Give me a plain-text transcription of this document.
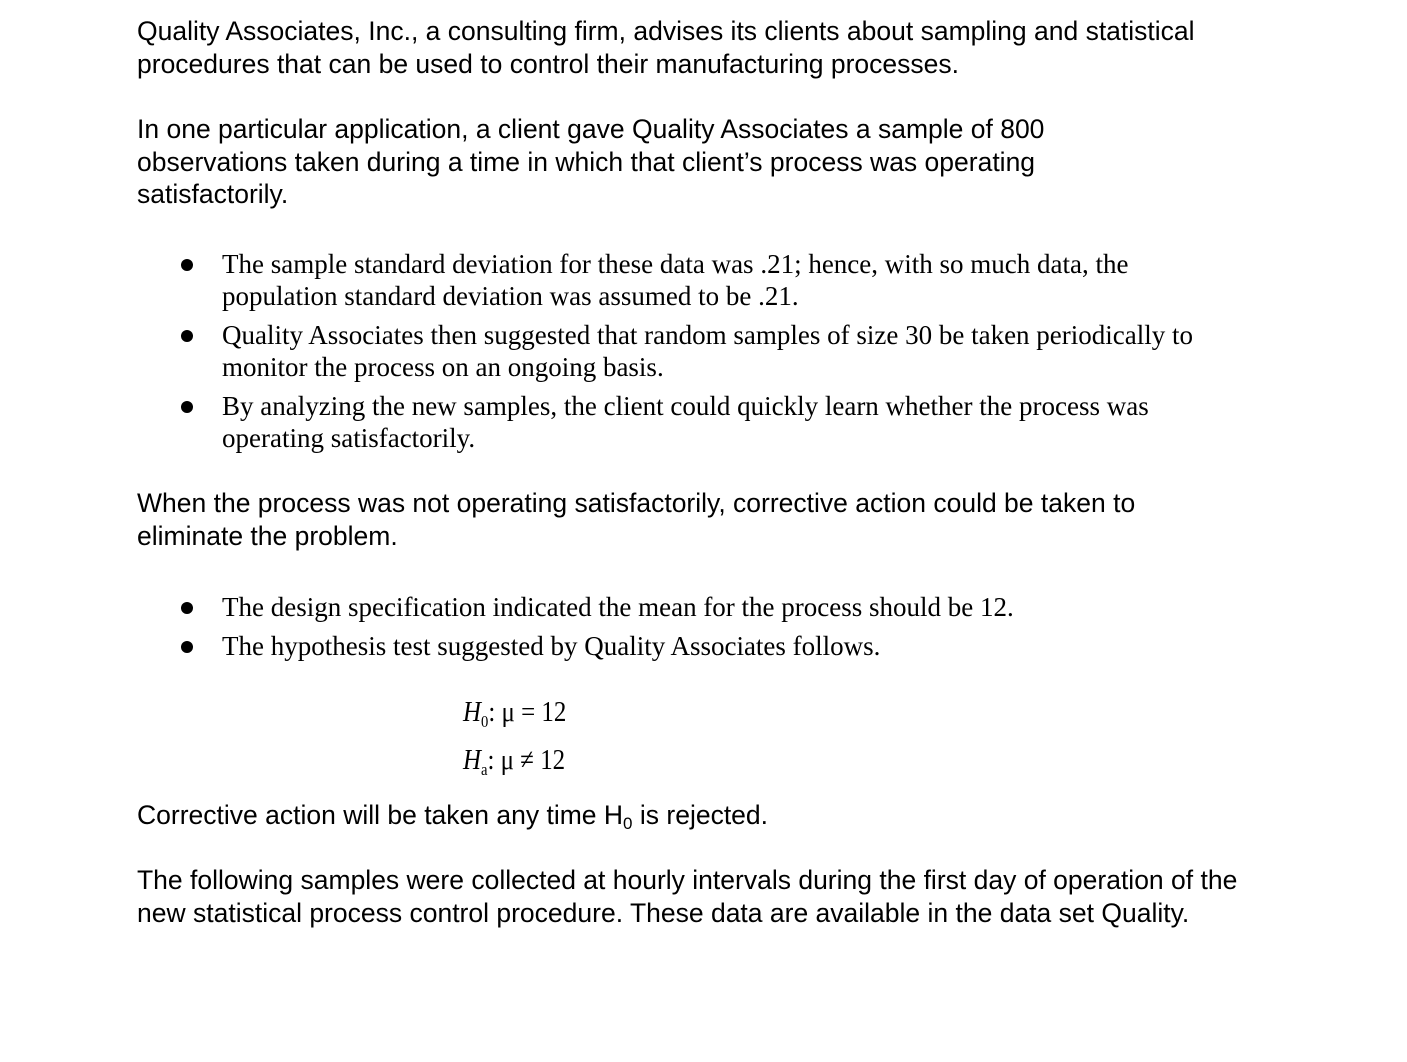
Quality Associates, Inc., a consulting firm, advises its clients about sampling and statistical procedures that can be used to control their manufacturing processes.

In one particular application, a client gave Quality Associates a sample of 800 observations taken during a time in which that client’s process was operating satisfactorily.

The sample standard deviation for these data was .21; hence, with so much data, the population standard deviation was assumed to be .21.
Quality Associates then suggested that random samples of size 30 be taken periodically to monitor the process on an ongoing basis.
By analyzing the new samples, the client could quickly learn whether the process was operating satisfactorily.

When the process was not operating satisfactorily, corrective action could be taken to eliminate the problem.

The design specification indicated the mean for the process should be 12.
The hypothesis test suggested by Quality Associates follows.
$H_0$: μ = 12
$H_a$: μ ≠ 12

Corrective action will be taken any time H0 is rejected.

The following samples were collected at hourly intervals during the first day of operation of the new statistical process control procedure. These data are available in the data set Quality.
